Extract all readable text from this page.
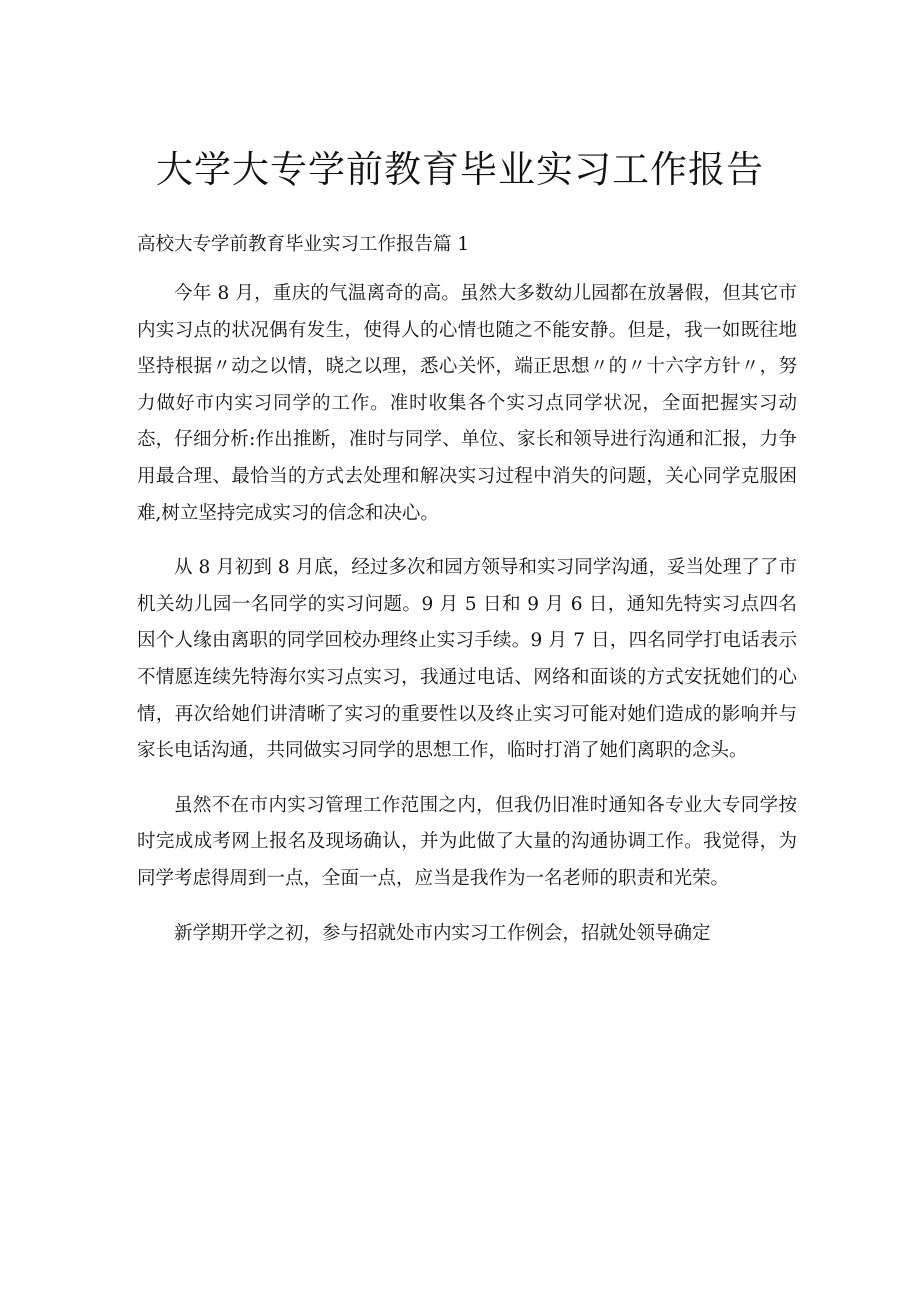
大学大专学前教育毕业实习工作报告

高校大专学前教育毕业实习工作报告篇 1

今年 8 月，重庆的气温离奇的高。虽然大多数幼儿园都在放暑假，但其它市内实习点的状况偶有发生，使得人的心情也随之不能安静。但是，我一如既往地坚持根据〃动之以情，晓之以理，悉心关怀，端正思想〃的〃十六字方针〃，努力做好市内实习同学的工作。准时收集各个实习点同学状况，全面把握实习动态，仔细分析:作出推断，准时与同学、单位、家长和领导进行沟通和汇报，力争用最合理、最恰当的方式去处理和解决实习过程中消失的问题，关心同学克服困难,树立坚持完成实习的信念和决心。

从 8 月初到 8 月底，经过多次和园方领导和实习同学沟通，妥当处理了了市机关幼儿园一名同学的实习问题。9 月 5 日和 9 月 6 日，通知先特实习点四名因个人缘由离职的同学回校办理终止实习手续。9 月 7 日，四名同学打电话表示不情愿连续先特海尔实习点实习，我通过电话、网络和面谈的方式安抚她们的心情，再次给她们讲清晰了实习的重要性以及终止实习可能对她们造成的影响并与家长电话沟通，共同做实习同学的思想工作，临时打消了她们离职的念头。

虽然不在市内实习管理工作范围之内，但我仍旧准时通知各专业大专同学按时完成成考网上报名及现场确认，并为此做了大量的沟通协调工作。我觉得，为同学考虑得周到一点，全面一点，应当是我作为一名老师的职责和光荣。

新学期开学之初，参与招就处市内实习工作例会，招就处领导确定
